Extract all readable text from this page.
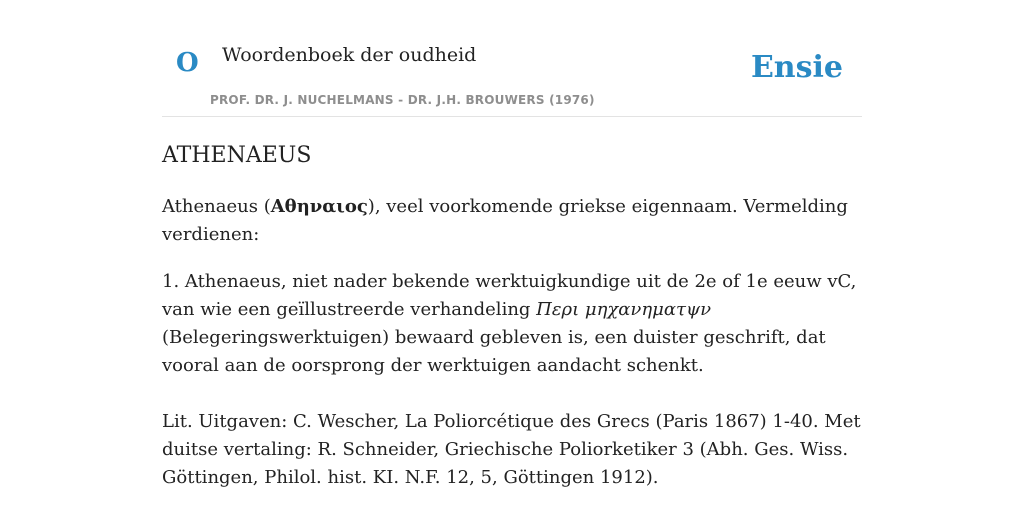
O Woordenboek der oudheid	Ensie
PROF. DR. J. NUCHELMANS - DR. J.H. BROUWERS (1976)
ATHENAEUS

Athenaeus (Αθηναιος), veel voorkomende griekse eigennaam. Vermelding verdienen:

1. Athenaeus, niet nader bekende werktuigkundige uit de 2e of 1e eeuw vC, van wie een geïllustreerde verhandeling Περι μηχανηματψν (Belegeringswerktuigen) bewaard gebleven is, een duister geschrift, dat vooral aan de oorsprong der werktuigen aandacht schenkt.

Lit. Uitgaven: C. Wescher, La Poliorcétique des Grecs (Paris 1867) 1-40. Met duitse vertaling: R. Schneider, Griechische Poliorketiker 3 (Abh. Ges. Wiss. Göttingen, Philol. hist. KI. N.F. 12, 5, Göttingen 1912).
